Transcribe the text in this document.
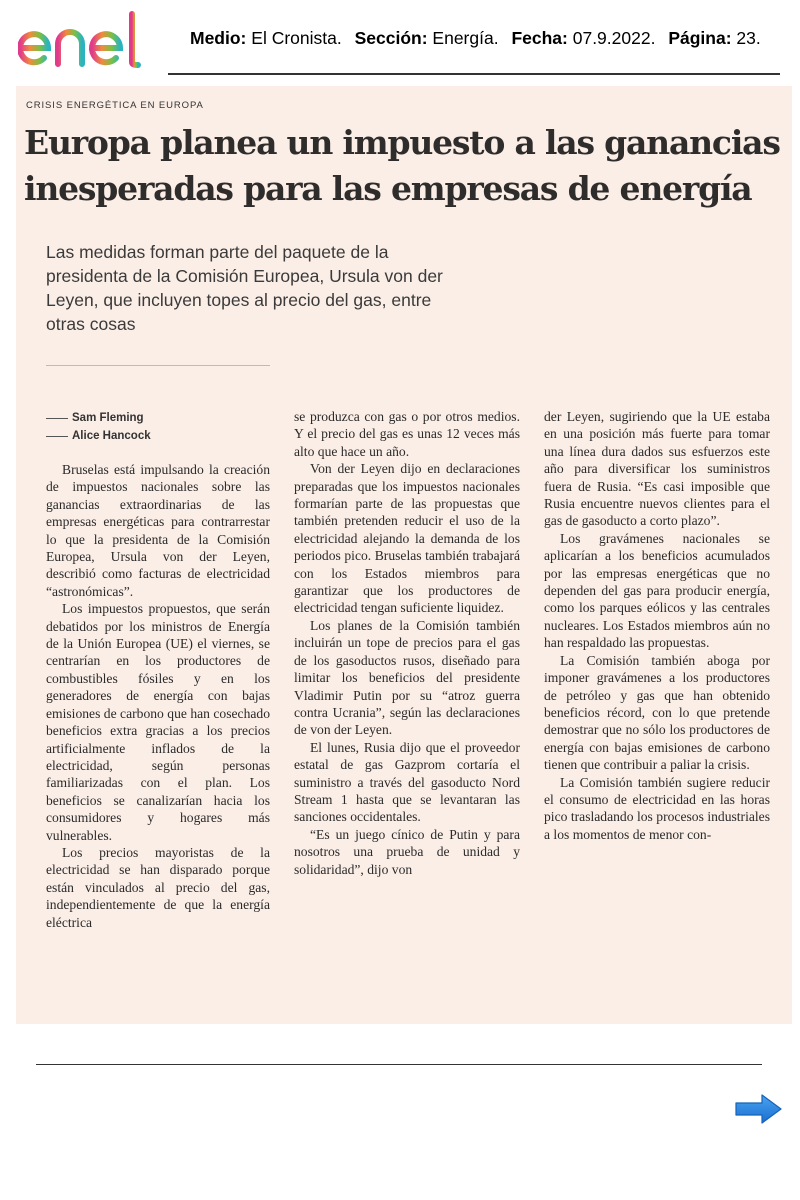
Medio: El Cronista. Sección: Energía. Fecha: 07.9.2022. Página: 23.
CRISIS ENERGÉTICA EN EUROPA
Europa planea un impuesto a las ganancias inesperadas para las empresas de energía
Las medidas forman parte del paquete de la presidenta de la Comisión Europea, Ursula von der Leyen, que incluyen topes al precio del gas, entre otras cosas
Sam Fleming
Alice Hancock

Bruselas está impulsando la creación de impuestos nacionales sobre las ganancias extraordinarias de las empresas energéticas para contrarrestar lo que la presidenta de la Comisión Europea, Ursula von der Leyen, describió como facturas de electricidad “astronómicas”.

Los impuestos propuestos, que serán debatidos por los ministros de Energía de la Unión Europea (UE) el viernes, se centrarían en los productores de combustibles fósiles y en los generadores de energía con bajas emisiones de carbono que han cosechado beneficios extra gracias a los precios artificialmente inflados de la electricidad, según personas familiarizadas con el plan. Los beneficios se canalizarían hacia los consumidores y hogares más vulnerables.

Los precios mayoristas de la electricidad se han disparado porque están vinculados al precio del gas, independientemente de que la energía eléctrica

se produzca con gas o por otros medios. Y el precio del gas es unas 12 veces más alto que hace un año.

Von der Leyen dijo en declaraciones preparadas que los impuestos nacionales formarían parte de las propuestas que también pretenden reducir el uso de la electricidad alejando la demanda de los periodos pico. Bruselas también trabajará con los Estados miembros para garantizar que los productores de electricidad tengan suficiente liquidez.

Los planes de la Comisión también incluirán un tope de precios para el gas de los gasoductos rusos, diseñado para limitar los beneficios del presidente Vladimir Putin por su “atroz guerra contra Ucrania”, según las declaraciones de von der Leyen.

El lunes, Rusia dijo que el proveedor estatal de gas Gazprom cortaría el suministro a través del gasoducto Nord Stream 1 hasta que se levantaran las sanciones occidentales.

“Es un juego cínico de Putin y para nosotros una prueba de unidad y solidaridad”, dijo von

der Leyen, sugiriendo que la UE estaba en una posición más fuerte para tomar una línea dura dados sus esfuerzos este año para diversificar los suministros fuera de Rusia. “Es casi imposible que Rusia encuentre nuevos clientes para el gas de gasoducto a corto plazo”.

Los gravámenes nacionales se aplicarían a los beneficios acumulados por las empresas energéticas que no dependen del gas para producir energía, como los parques eólicos y las centrales nucleares. Los Estados miembros aún no han respaldado las propuestas.

La Comisión también aboga por imponer gravámenes a los productores de petróleo y gas que han obtenido beneficios récord, con lo que pretende demostrar que no sólo los productores de energía con bajas emisiones de carbono tienen que contribuir a paliar la crisis.

La Comisión también sugiere reducir el consumo de electricidad en las horas pico trasladando los procesos industriales a los momentos de menor con-
